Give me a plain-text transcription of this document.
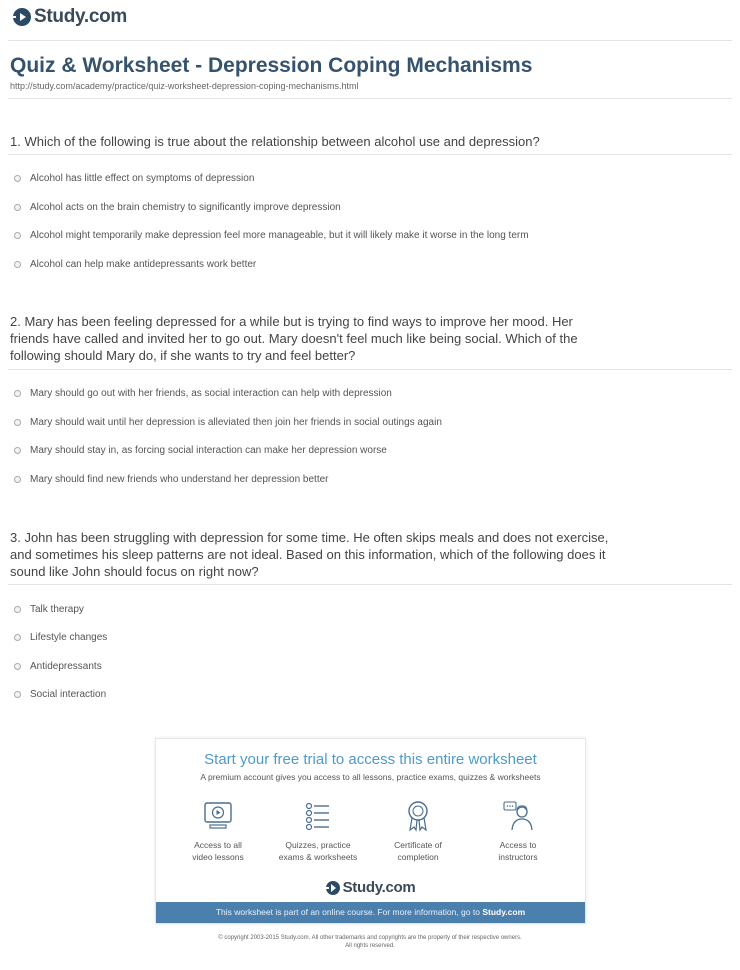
Study.com
Quiz & Worksheet - Depression Coping Mechanisms
http://study.com/academy/practice/quiz-worksheet-depression-coping-mechanisms.html
1. Which of the following is true about the relationship between alcohol use and depression?
Alcohol has little effect on symptoms of depression
Alcohol acts on the brain chemistry to significantly improve depression
Alcohol might temporarily make depression feel more manageable, but it will likely make it worse in the long term
Alcohol can help make antidepressants work better
2. Mary has been feeling depressed for a while but is trying to find ways to improve her mood. Her friends have called and invited her to go out. Mary doesn't feel much like being social. Which of the following should Mary do, if she wants to try and feel better?
Mary should go out with her friends, as social interaction can help with depression
Mary should wait until her depression is alleviated then join her friends in social outings again
Mary should stay in, as forcing social interaction can make her depression worse
Mary should find new friends who understand her depression better
3. John has been struggling with depression for some time. He often skips meals and does not exercise, and sometimes his sleep patterns are not ideal. Based on this information, which of the following does it sound like John should focus on right now?
Talk therapy
Lifestyle changes
Antidepressants
Social interaction
Start your free trial to access this entire worksheet
A premium account gives you access to all lessons, practice exams, quizzes & worksheets
Access to all
video lessons
Quizzes, practice
exams & worksheets
Certificate of
completion
Access to
instructors
Study.com
This worksheet is part of an online course. For more information, go to Study.com
© copyright 2003-2015 Study.com. All other trademarks and copyrights are the property of their respective owners.
All rights reserved.
